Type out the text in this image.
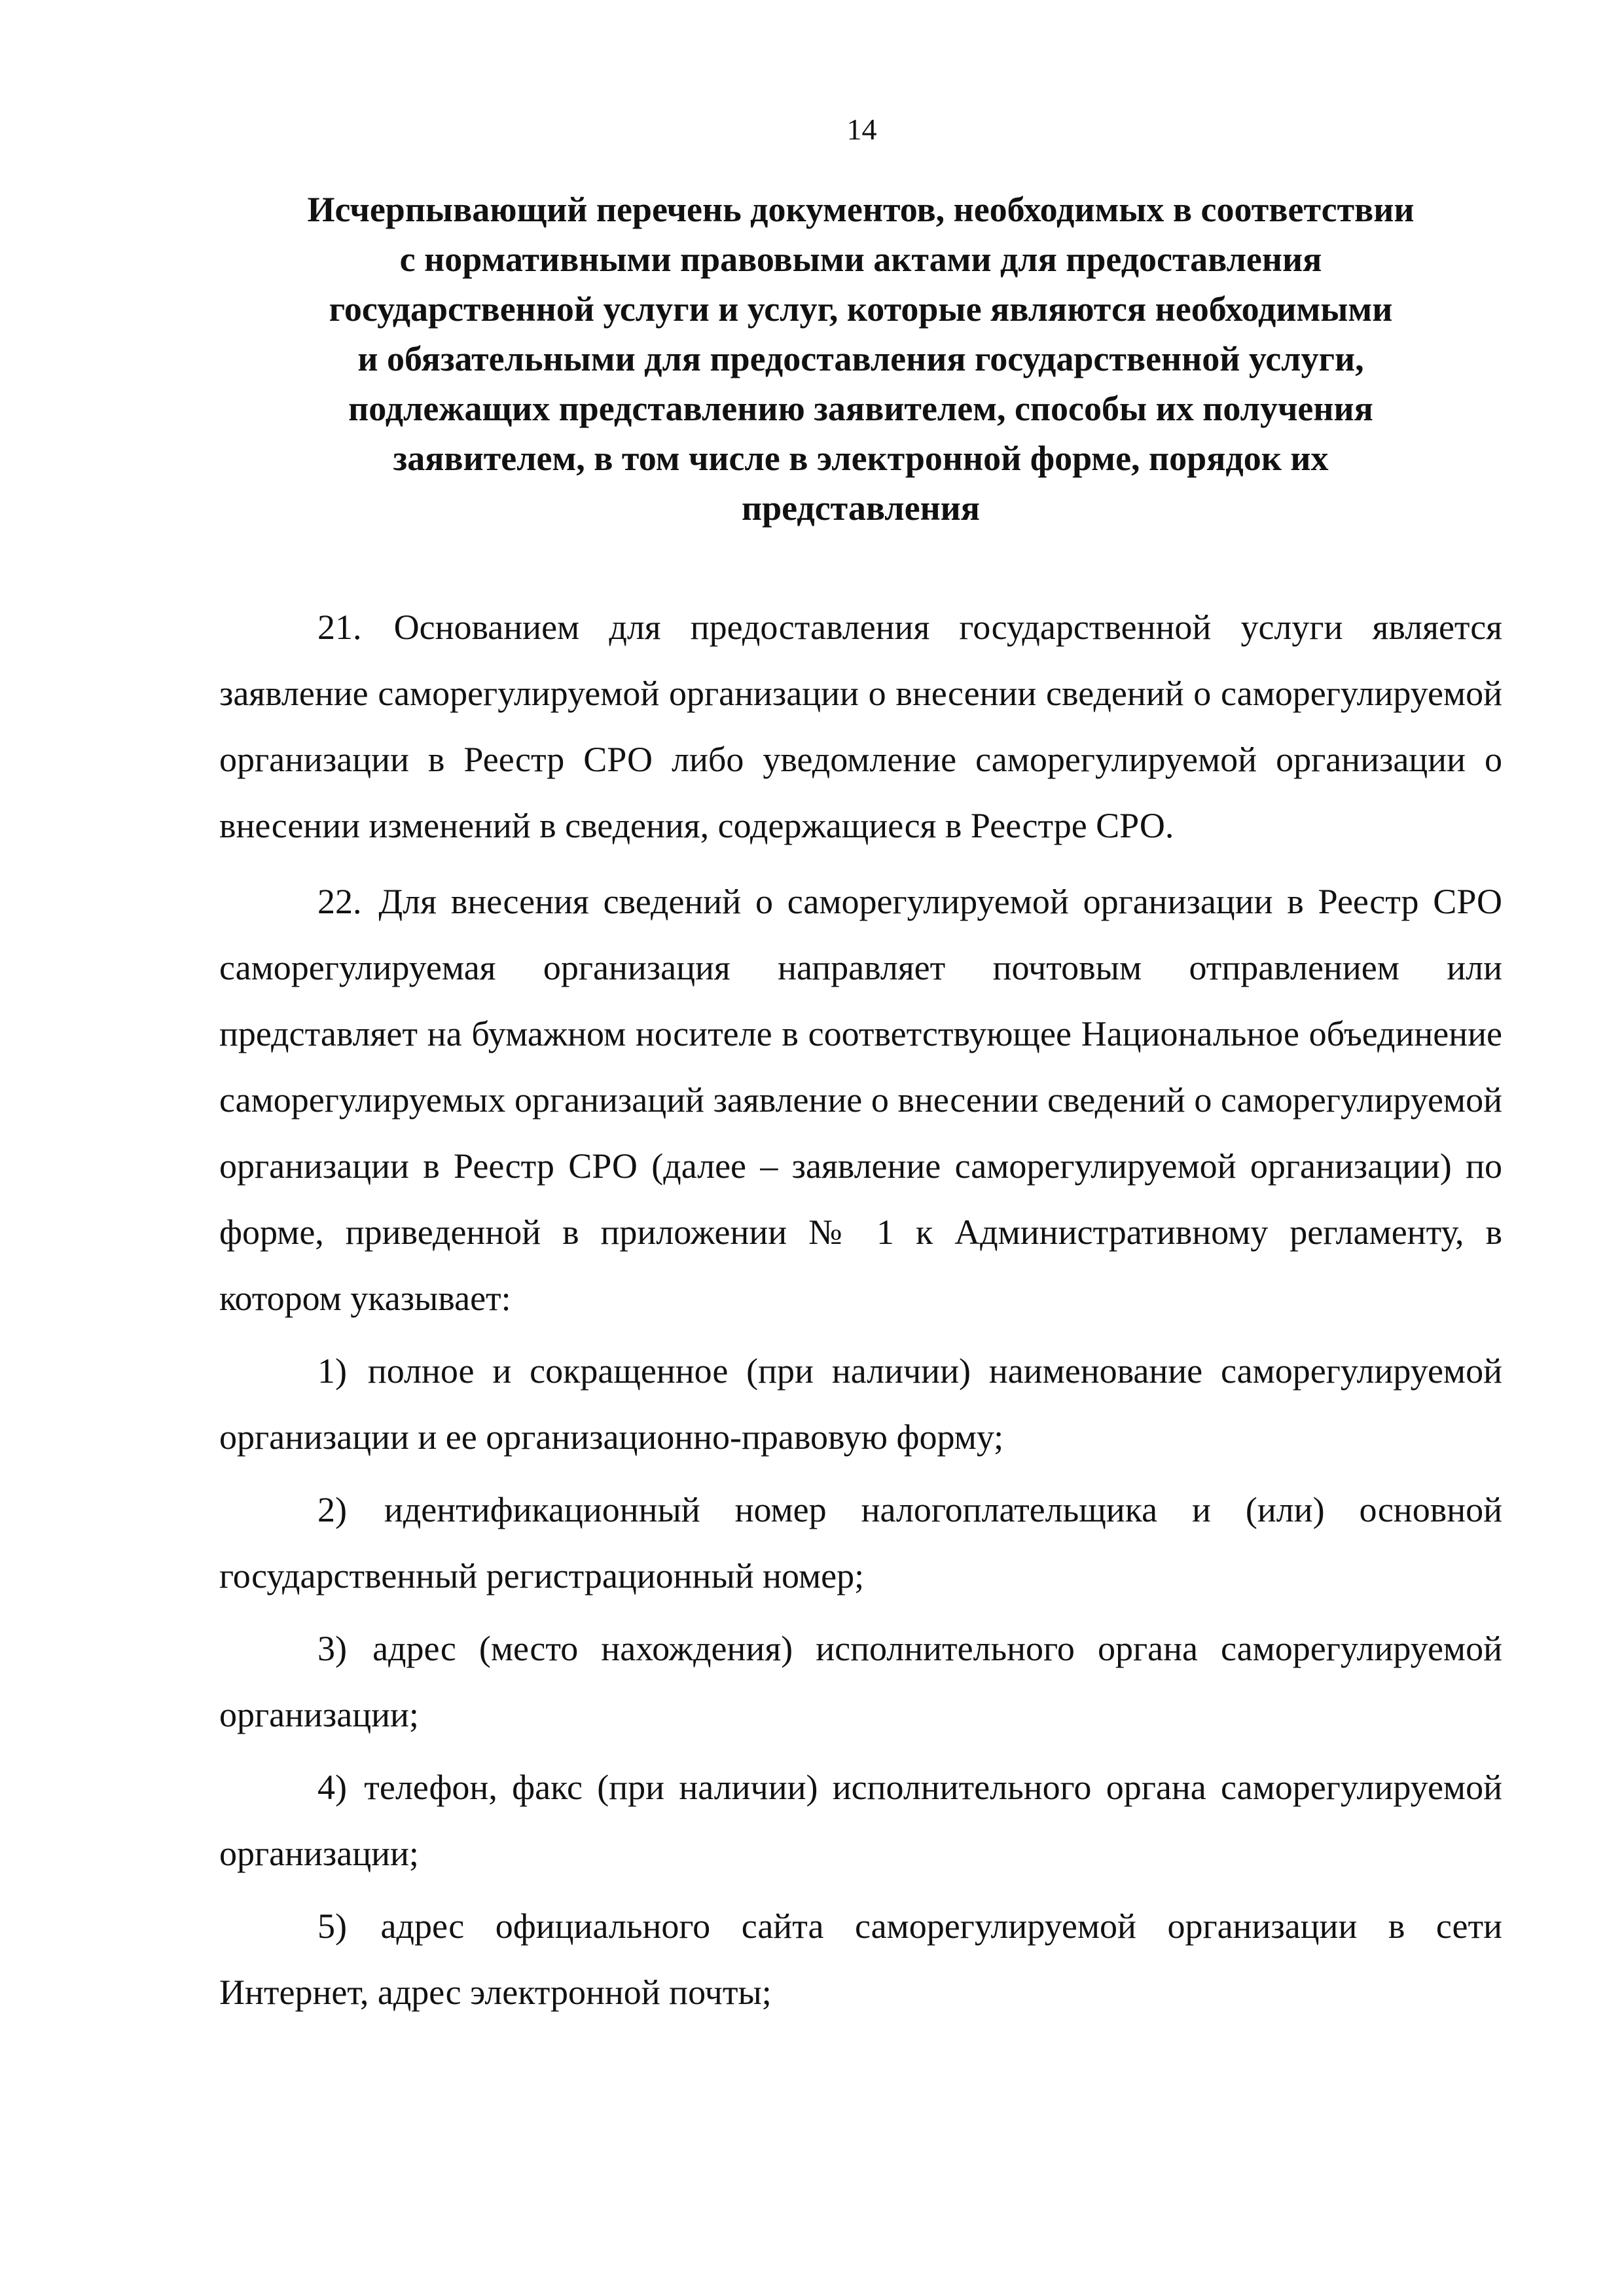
14
Исчерпывающий перечень документов, необходимых в соответствии
с нормативными правовыми актами для предоставления
государственной услуги и услуг, которые являются необходимыми
и обязательными для предоставления государственной услуги,
подлежащих представлению заявителем, способы их получения
заявителем, в том числе в электронной форме, порядок их
представления

21. Основанием для предоставления государственной услуги является заявление саморегулируемой организации о внесении сведений о саморегулируемой организации в Реестр СРО либо уведомление саморегулируемой организации о внесении изменений в сведения, содержащиеся в Реестре СРО.

22. Для внесения сведений о саморегулируемой организации в Реестр СРО саморегулируемая организация направляет почтовым отправлением или представляет на бумажном носителе в соответствующее Национальное объединение саморегулируемых организаций заявление о внесении сведений о саморегулируемой организации в Реестр СРО (далее – заявление саморегулируемой организации) по форме, приведенной в приложении № 1 к Административному регламенту, в котором указывает:

1) полное и сокращенное (при наличии) наименование саморегулируемой организации и ее организационно-правовую форму;

2) идентификационный номер налогоплательщика и (или) основной государственный регистрационный номер;

3) адрес (место нахождения) исполнительного органа саморегулируемой организации;

4) телефон, факс (при наличии) исполнительного органа саморегулируемой организации;

5) адрес официального сайта саморегулируемой организации в сети Интернет, адрес электронной почты;
